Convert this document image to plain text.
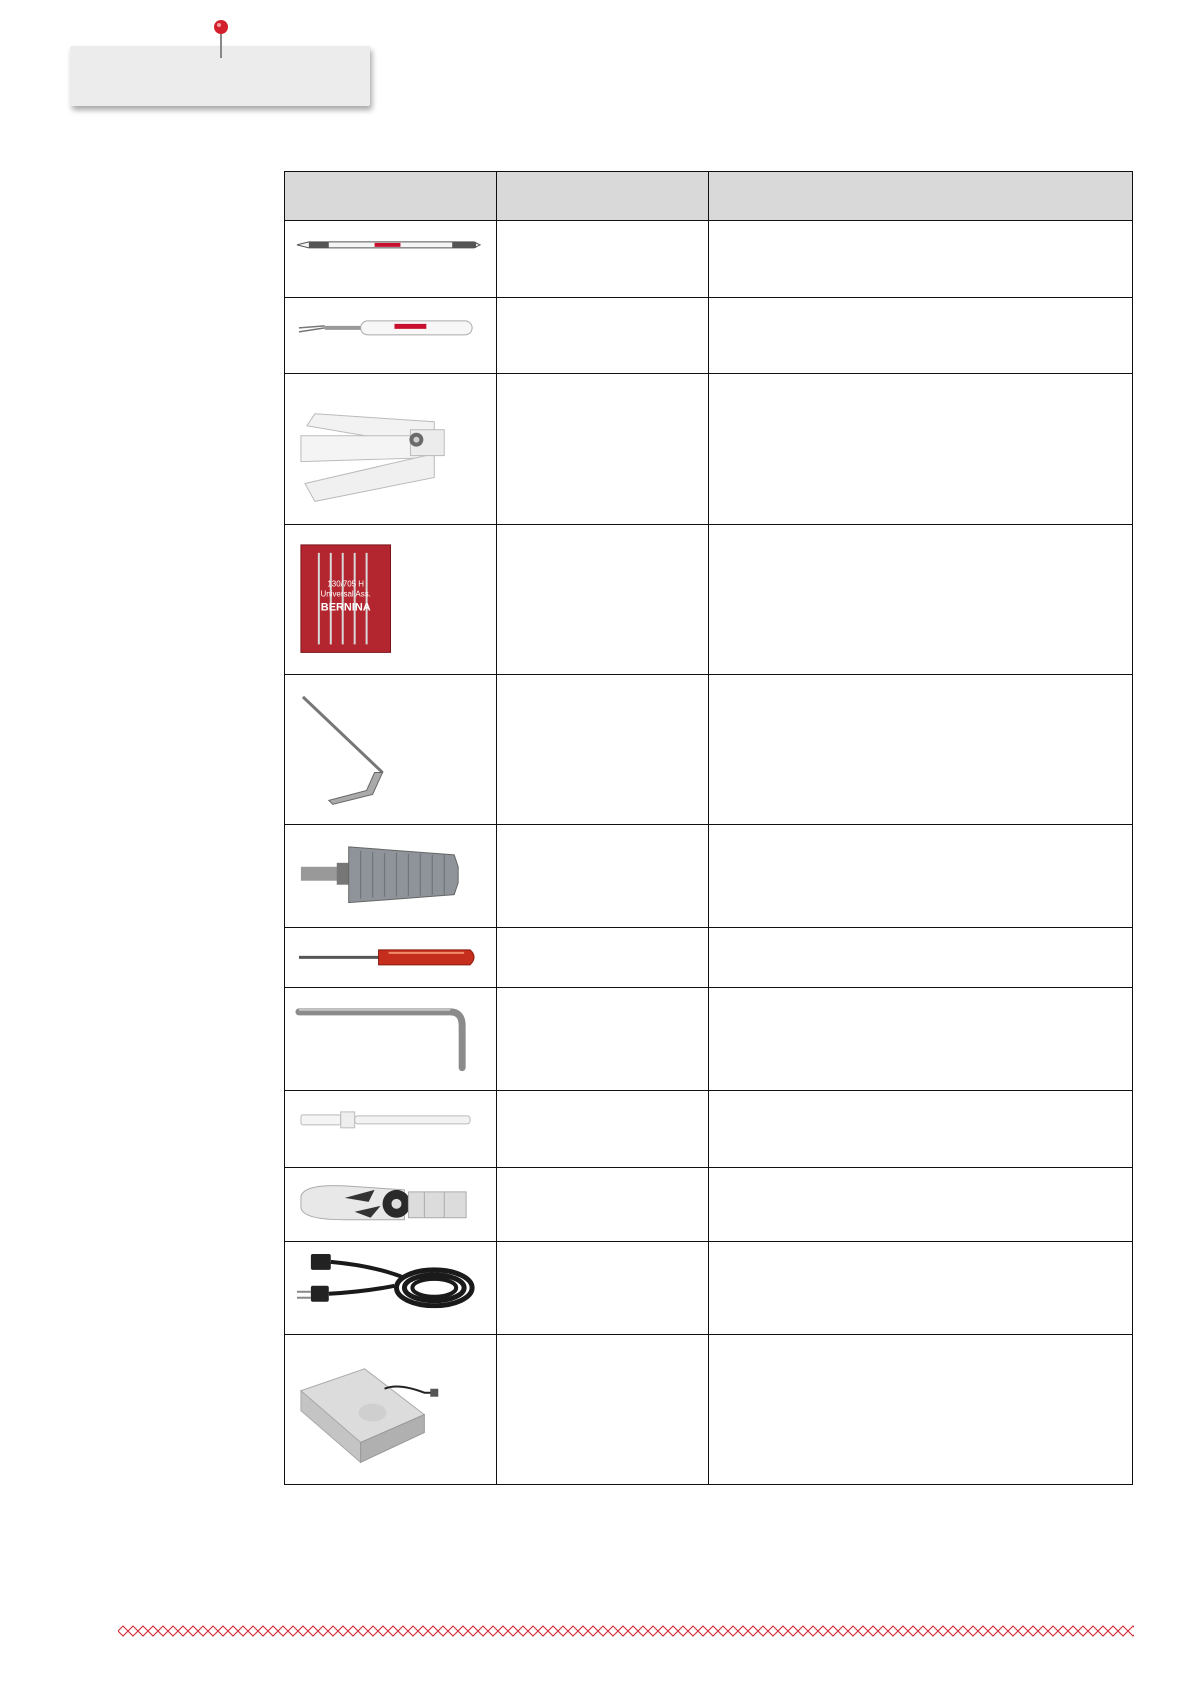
130/705 H
Universal Ass.
BERNINA		
